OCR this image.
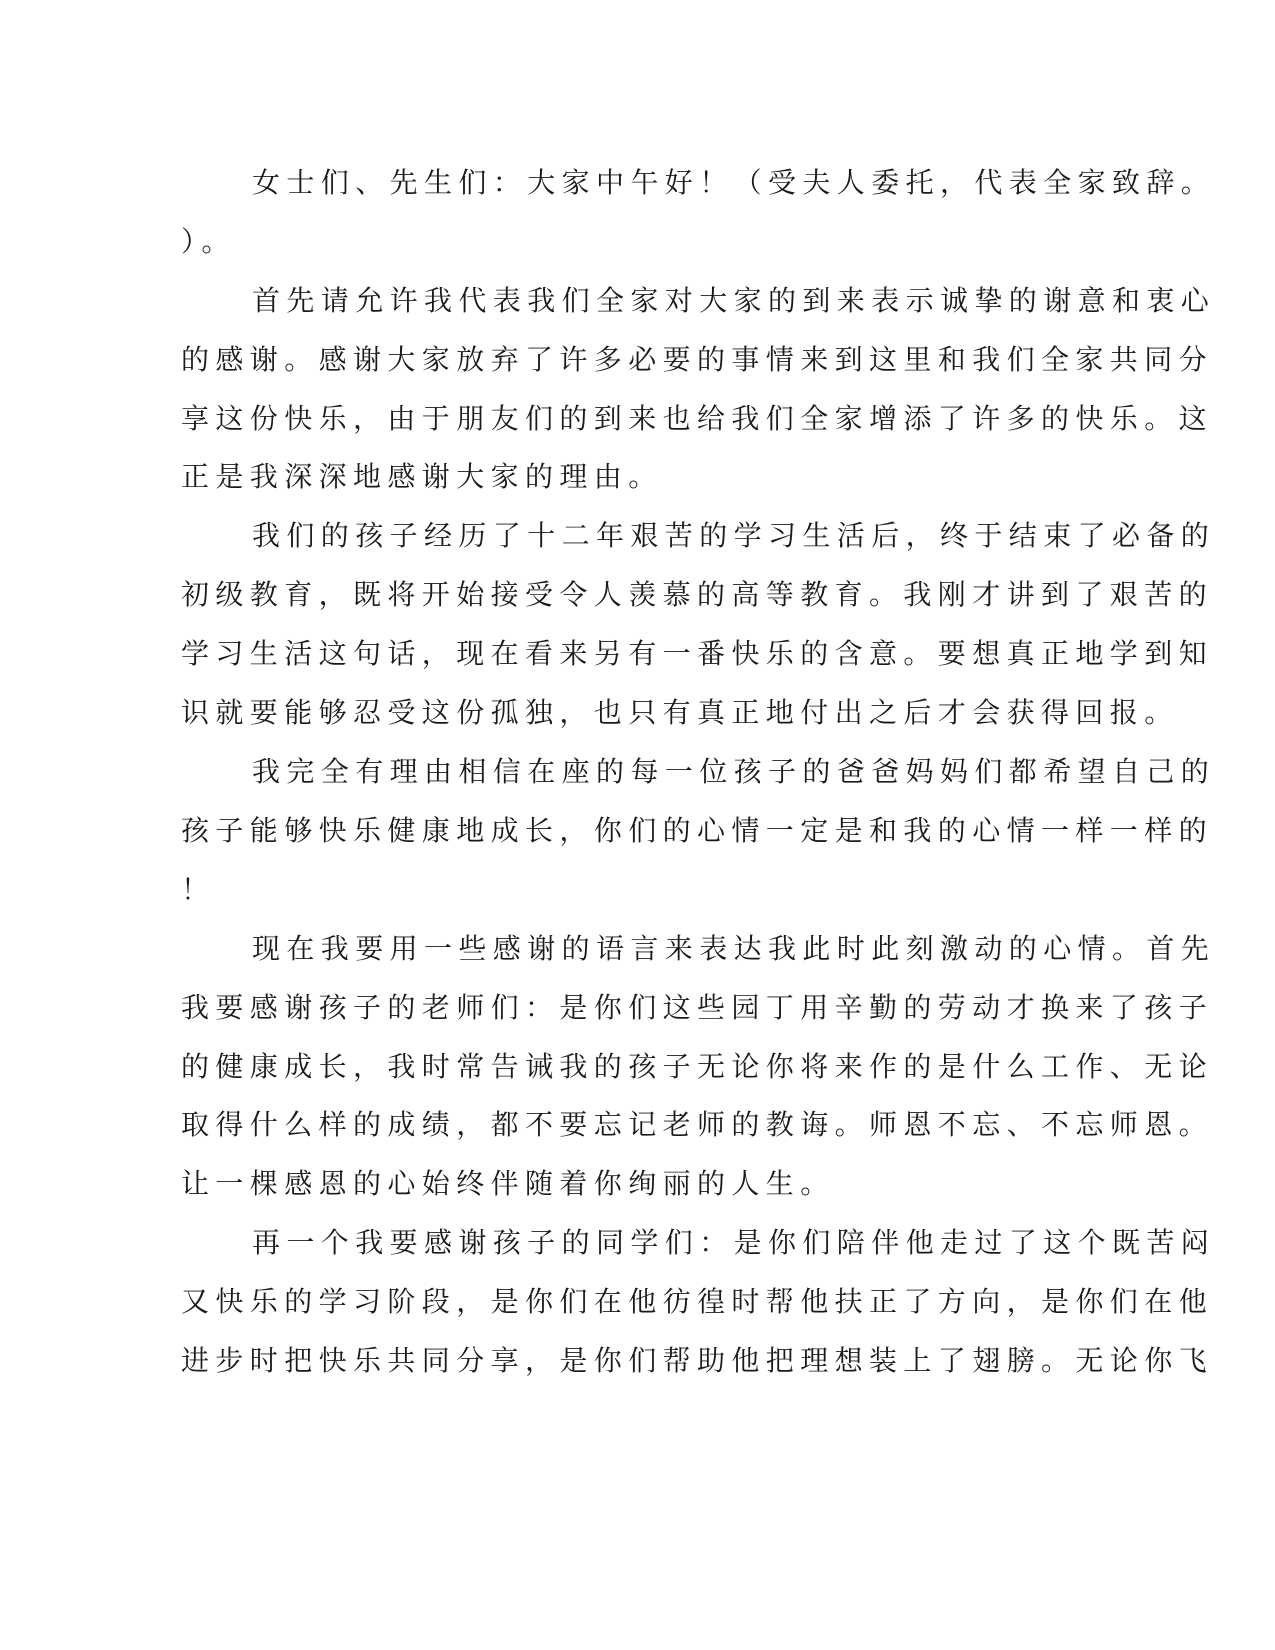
女士们、先生们：大家中午好！（受夫人委托，代表全家致辞。
）。
首先请允许我代表我们全家对大家的到来表示诚挚的谢意和衷心
的感谢。感谢大家放弃了许多必要的事情来到这里和我们全家共同分
享这份快乐，由于朋友们的到来也给我们全家增添了许多的快乐。这
正是我深深地感谢大家的理由。
我们的孩子经历了十二年艰苦的学习生活后，终于结束了必备的
初级教育，既将开始接受令人羡慕的高等教育。我刚才讲到了艰苦的
学习生活这句话，现在看来另有一番快乐的含意。要想真正地学到知
识就要能够忍受这份孤独，也只有真正地付出之后才会获得回报。
我完全有理由相信在座的每一位孩子的爸爸妈妈们都希望自己的
孩子能够快乐健康地成长，你们的心情一定是和我的心情一样一样的
！
现在我要用一些感谢的语言来表达我此时此刻激动的心情。首先
我要感谢孩子的老师们：是你们这些园丁用辛勤的劳动才换来了孩子
的健康成长，我时常告诫我的孩子无论你将来作的是什么工作、无论
取得什么样的成绩，都不要忘记老师的教诲。师恩不忘、不忘师恩。
让一棵感恩的心始终伴随着你绚丽的人生。
再一个我要感谢孩子的同学们：是你们陪伴他走过了这个既苦闷
又快乐的学习阶段，是你们在他彷徨时帮他扶正了方向，是你们在他
进步时把快乐共同分享，是你们帮助他把理想装上了翅膀。无论你飞
